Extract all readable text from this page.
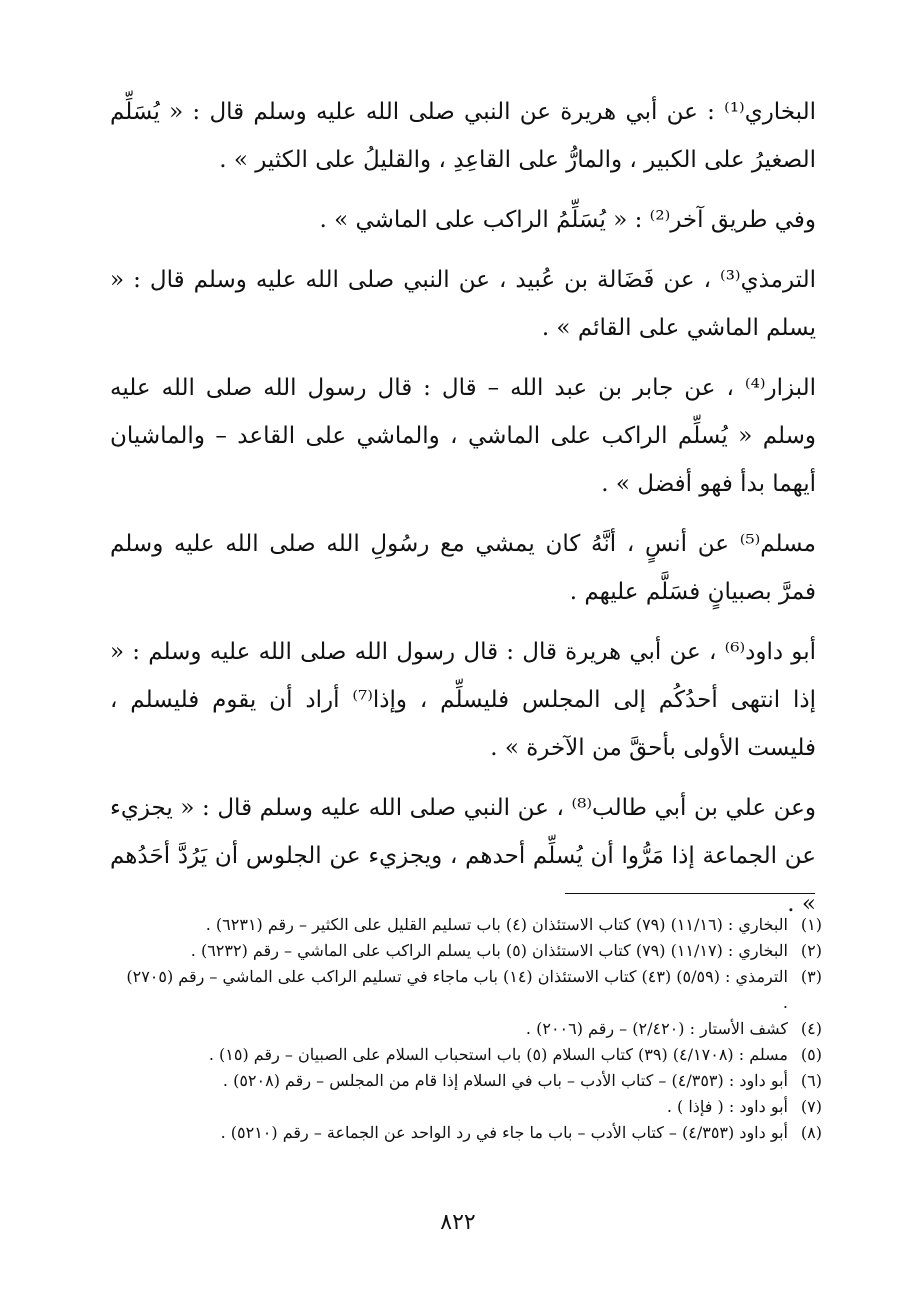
البخاري⁽¹⁾ : عن أبي هريرة عن النبي صلى الله عليه وسلم قال : « يُسَلِّم الصغيرُ على الكبير ، والمارُّ على القاعِدِ ، والقليلُ على الكثير » .

وفي طريق آخر⁽²⁾ : « يُسَلِّمُ الراكب على الماشي » .

الترمذي⁽³⁾ ، عن فَضَالة بن عُبيد ، عن النبي صلى الله عليه وسلم قال : « يسلم الماشي على القائم » .

البزار⁽⁴⁾ ، عن جابر بن عبد الله – قال : قال رسول الله صلى الله عليه وسلم « يُسلِّم الراكب على الماشي ، والماشي على القاعد – والماشيان أيهما بدأ فهو أفضل » .

مسلم⁽⁵⁾ عن أنسٍ ، أنَّهُ كان يمشي مع رسُولِ الله صلى الله عليه وسلم فمرَّ بصبيانٍ فسَلَّم عليهم .

أبو داود⁽⁶⁾ ، عن أبي هريرة قال : قال رسول الله صلى الله عليه وسلم : « إذا انتهى أحدُكُم إلى المجلس فليسلِّم ، وإذا⁽⁷⁾ أراد أن يقوم فليسلم ، فليست الأولى بأحقَّ من الآخرة » .

وعن علي بن أبي طالب⁽⁸⁾ ، عن النبي صلى الله عليه وسلم قال : « يجزيء عن الجماعة إذا مَرُّوا أن يُسلِّم أحدهم ، ويجزيء عن الجلوس أن يَرُدَّ أحَدُهم » .

(١)
البخاري : (١١/١٦) (٧٩) كتاب الاستئذان (٤) باب تسليم القليل على الكثير – رقم (٦٢٣١) .
(٢)
البخاري : (١١/١٧) (٧٩) كتاب الاستئذان (٥) باب يسلم الراكب على الماشي – رقم (٦٢٣٢) .
(٣)
الترمذي : (٥/٥٩) (٤٣) كتاب الاستئذان (١٤) باب ماجاء في تسليم الراكب على الماشي – رقم (٢٧٠٥) .
(٤)
كشف الأستار : (٢/٤٢٠) – رقم (٢٠٠٦) .
(٥)
مسلم : (٤/١٧٠٨) (٣٩) كتاب السلام (٥) باب استحباب السلام على الصبيان – رقم (١٥) .
(٦)
أبو داود : (٤/٣٥٣) – كتاب الأدب – باب في السلام إذا قام من المجلس – رقم (٥٢٠٨) .
(٧)
أبو داود : ( فإذا ) .
(٨)
أبو داود (٤/٣٥٣) – كتاب الأدب – باب ما جاء في رد الواحد عن الجماعة – رقم (٥٢١٠) .
٨٢٢
